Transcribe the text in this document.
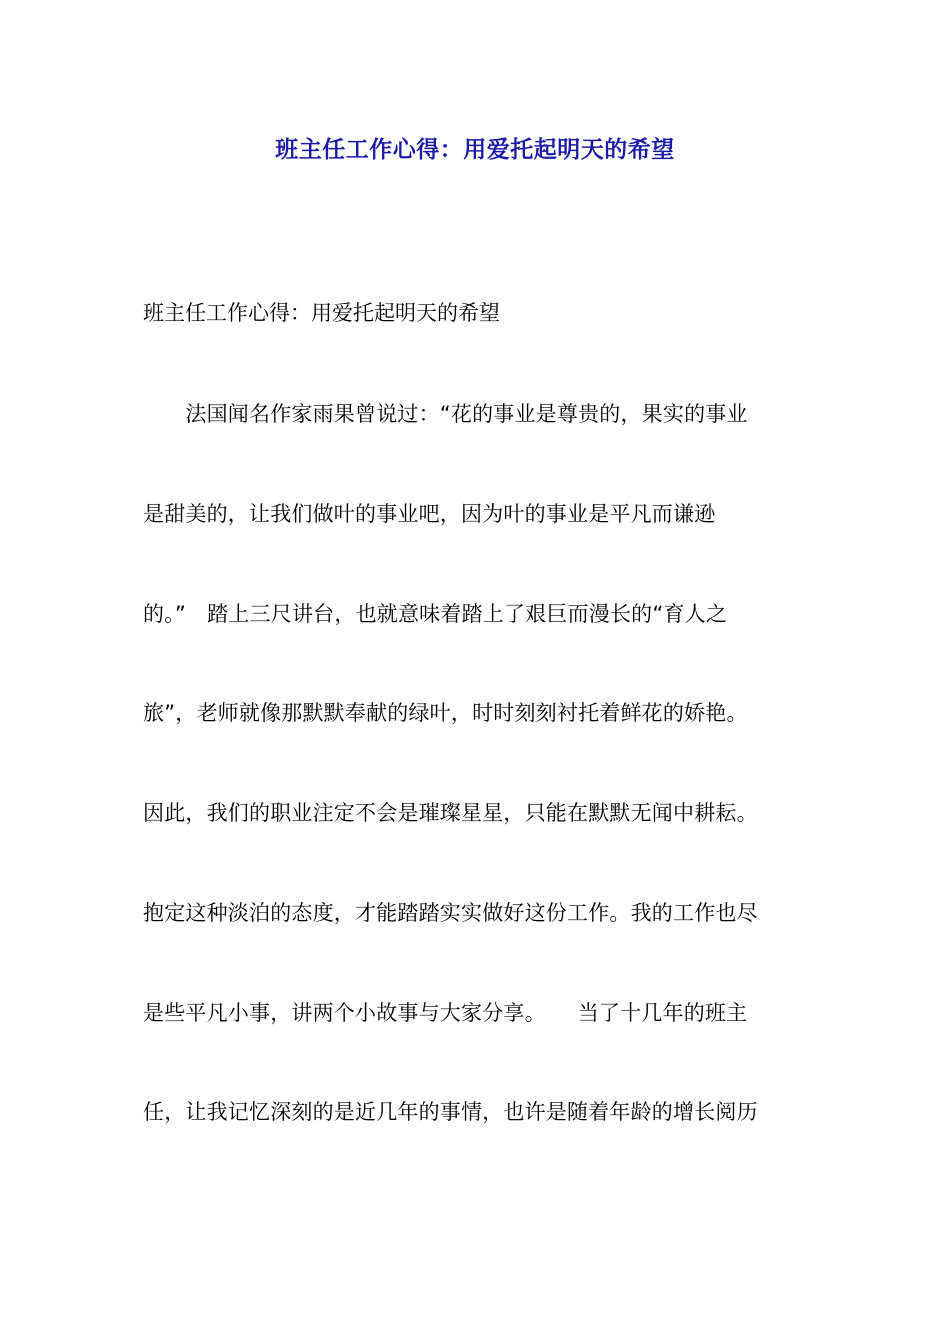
班主任工作心得：用爱托起明天的希望

班主任工作心得：用爱托起明天的希望

　　法国闻名作家雨果曾说过：“花的事业是尊贵的，果实的事业

是甜美的，让我们做叶的事业吧，因为叶的事业是平凡而谦逊

的。”　踏上三尺讲台，也就意味着踏上了艰巨而漫长的“育人之

旅”，老师就像那默默奉献的绿叶，时时刻刻衬托着鲜花的娇艳。

因此，我们的职业注定不会是璀璨星星，只能在默默无闻中耕耘。

抱定这种淡泊的态度，才能踏踏实实做好这份工作。我的工作也尽

是些平凡小事，讲两个小故事与大家分享。　　当了十几年的班主

任，让我记忆深刻的是近几年的事情，也许是随着年龄的增长阅历
